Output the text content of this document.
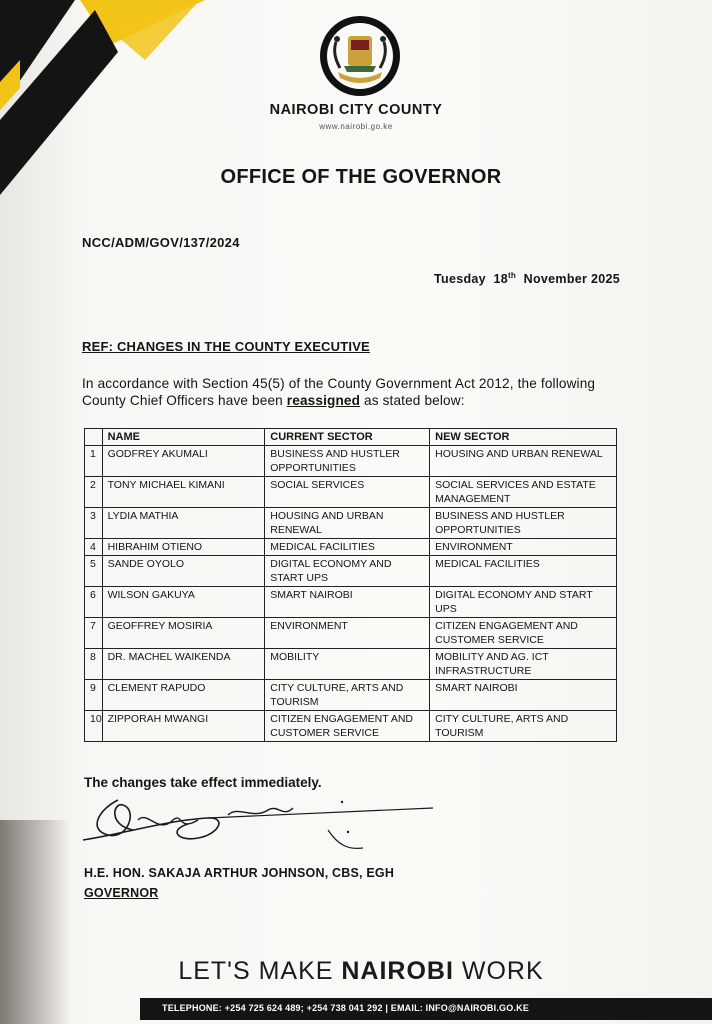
NAIROBI CITY COUNTY
www.nairobi.go.ke
OFFICE OF THE GOVERNOR
NCC/ADM/GOV/137/2024
Tuesday 18th November 2025
REF: CHANGES IN THE COUNTY EXECUTIVE
In accordance with Section 45(5) of the County Government Act 2012, the following County Chief Officers have been reassigned as stated below:
	NAME	CURRENT SECTOR	NEW SECTOR
1	GODFREY AKUMALI	BUSINESS AND HUSTLER OPPORTUNITIES	HOUSING AND URBAN RENEWAL
2	TONY MICHAEL KIMANI	SOCIAL SERVICES	SOCIAL SERVICES AND ESTATE MANAGEMENT
3	LYDIA MATHIA	HOUSING AND URBAN RENEWAL	BUSINESS AND HUSTLER OPPORTUNITIES
4	HIBRAHIM OTIENO	MEDICAL FACILITIES	ENVIRONMENT
5	SANDE OYOLO	DIGITAL ECONOMY AND START UPS	MEDICAL FACILITIES
6	WILSON GAKUYA	SMART NAIROBI	DIGITAL ECONOMY AND START UPS
7	GEOFFREY MOSIRIA	ENVIRONMENT	CITIZEN ENGAGEMENT AND CUSTOMER SERVICE
8	DR. MACHEL WAIKENDA	MOBILITY	MOBILITY AND AG. ICT INFRASTRUCTURE
9	CLEMENT RAPUDO	CITY CULTURE, ARTS AND TOURISM	SMART NAIROBI
10	ZIPPORAH MWANGI	CITIZEN ENGAGEMENT AND CUSTOMER SERVICE	CITY CULTURE, ARTS AND TOURISM
The changes take effect immediately.
H.E. HON. SAKAJA ARTHUR JOHNSON, CBS, EGH
GOVERNOR
LET'S MAKE NAIROBI WORK
TELEPHONE: +254 725 624 489; +254 738 041 292 | EMAIL: INFO@NAIROBI.GO.KE
